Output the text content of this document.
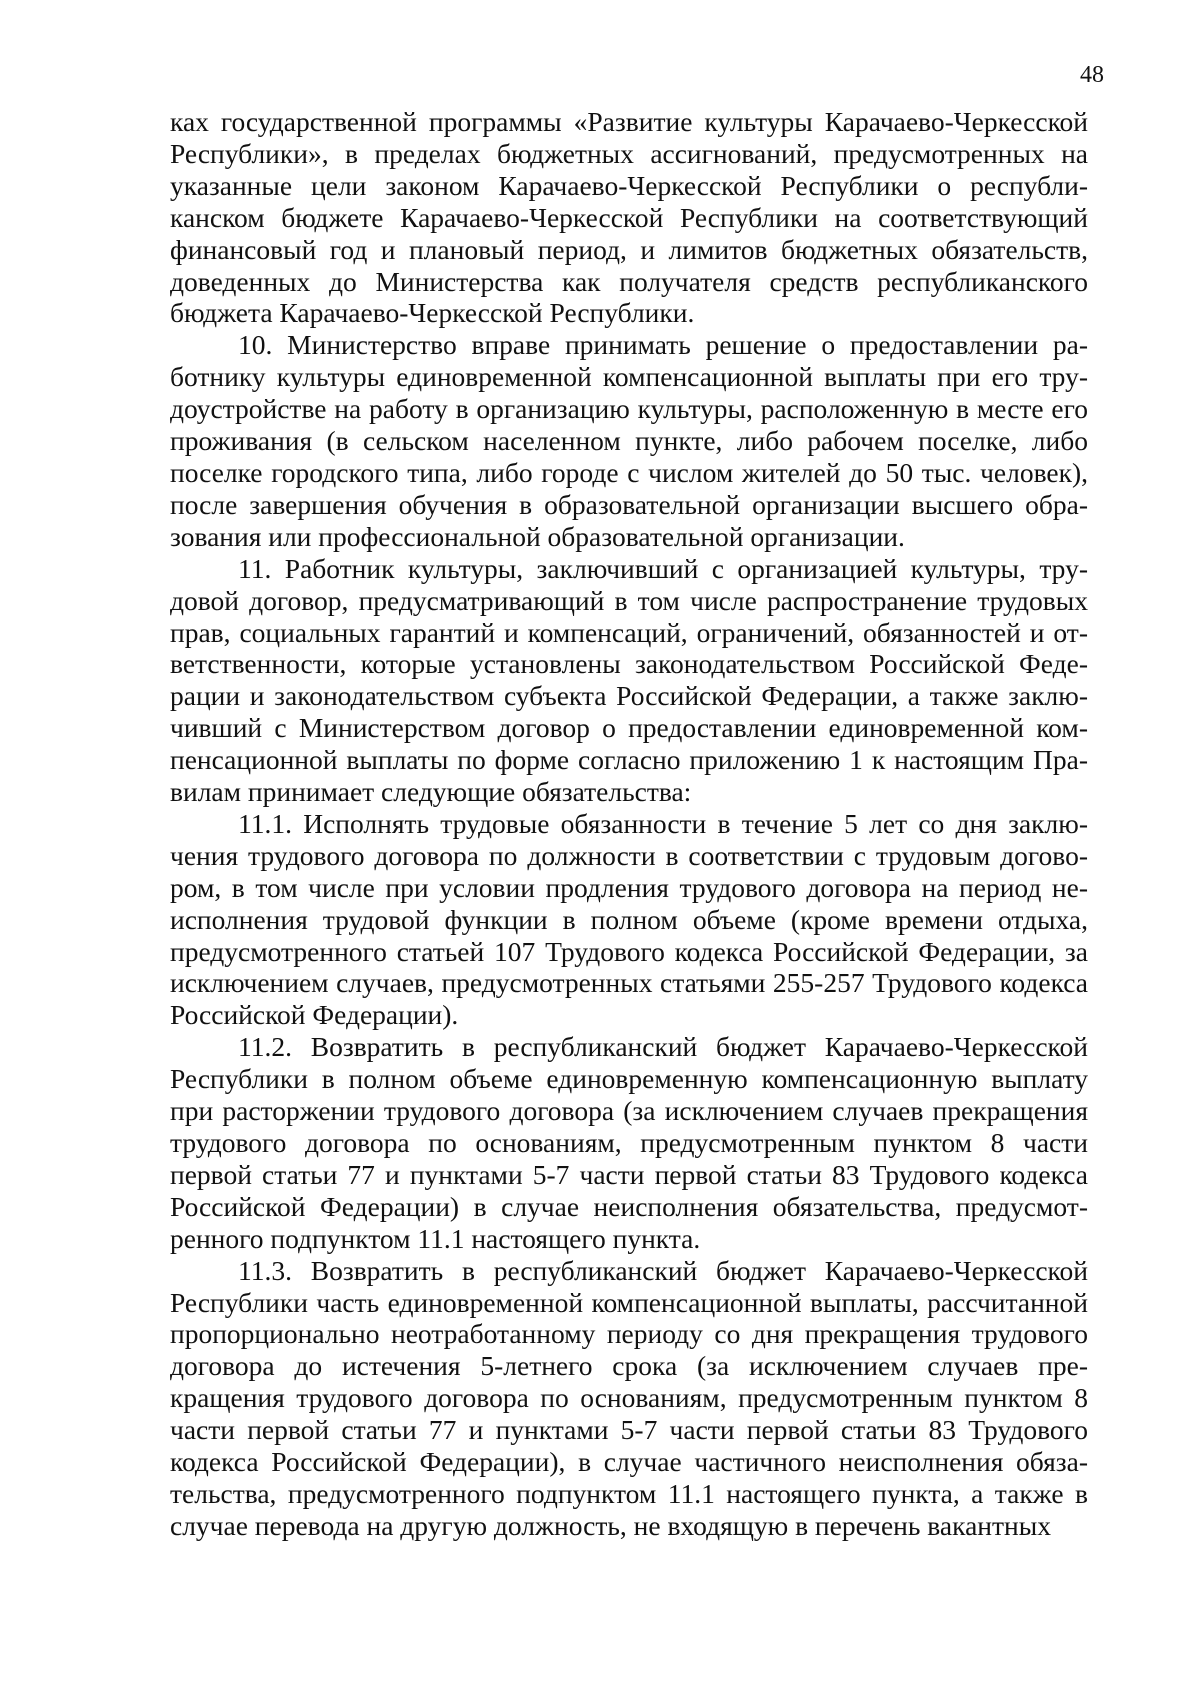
48

ках государственной программы «Развитие культуры Карачаево-Черкесской Республики», в пределах бюджетных ассигнований, предусмотренных на указанные цели законом Карачаево-Черкесской Республики о республиканском бюджете Карачаево-Черкесской Республики на соответствующий финансовый год и плановый период, и лимитов бюджетных обязательств, доведенных до Министерства как получателя средств республиканского бюджета Карачаево-Черкесской Республики.

10. Министерство вправе принимать решение о предоставлении работнику культуры единовременной компенсационной выплаты при его трудоустройстве на работу в организацию культуры, расположенную в месте его проживания (в сельском населенном пункте, либо рабочем поселке, либо поселке городского типа, либо городе с числом жителей до 50 тыс. человек), после завершения обучения в образовательной организации высшего образования или профессиональной образовательной организации.

11. Работник культуры, заключивший с организацией культуры, трудовой договор, предусматривающий в том числе распространение трудовых прав, социальных гарантий и компенсаций, ограничений, обязанностей и ответственности, которые установлены законодательством Российской Федерации и законодательством субъекта Российской Федерации, а также заключивший с Министерством договор о предоставлении единовременной компенсационной выплаты по форме согласно приложению 1 к настоящим Правилам принимает следующие обязательства:

11.1. Исполнять трудовые обязанности в течение 5 лет со дня заключения трудового договора по должности в соответствии с трудовым договором, в том числе при условии продления трудового договора на период неисполнения трудовой функции в полном объеме (кроме времени отдыха, предусмотренного статьей 107 Трудового кодекса Российской Федерации, за исключением случаев, предусмотренных статьями 255-257 Трудового кодекса Российской Федерации).

11.2. Возвратить в республиканский бюджет Карачаево-Черкесской Республики в полном объеме единовременную компенсационную выплату при расторжении трудового договора (за исключением случаев прекращения трудового договора по основаниям, предусмотренным пунктом 8 части первой статьи 77 и пунктами 5-7 части первой статьи 83 Трудового кодекса Российской Федерации) в случае неисполнения обязательства, предусмотренного подпунктом 11.1 настоящего пункта.

11.3. Возвратить в республиканский бюджет Карачаево-Черкесской Республики часть единовременной компенсационной выплаты, рассчитанной пропорционально неотработанному периоду со дня прекращения трудового договора до истечения 5-летнего срока (за исключением случаев прекращения трудового договора по основаниям, предусмотренным пунктом 8 части первой статьи 77 и пунктами 5-7 части первой статьи 83 Трудового кодекса Российской Федерации), в случае частичного неисполнения обязательства, предусмотренного подпунктом 11.1 настоящего пункта, а также в случае перевода на другую должность, не входящую в перечень вакантных
